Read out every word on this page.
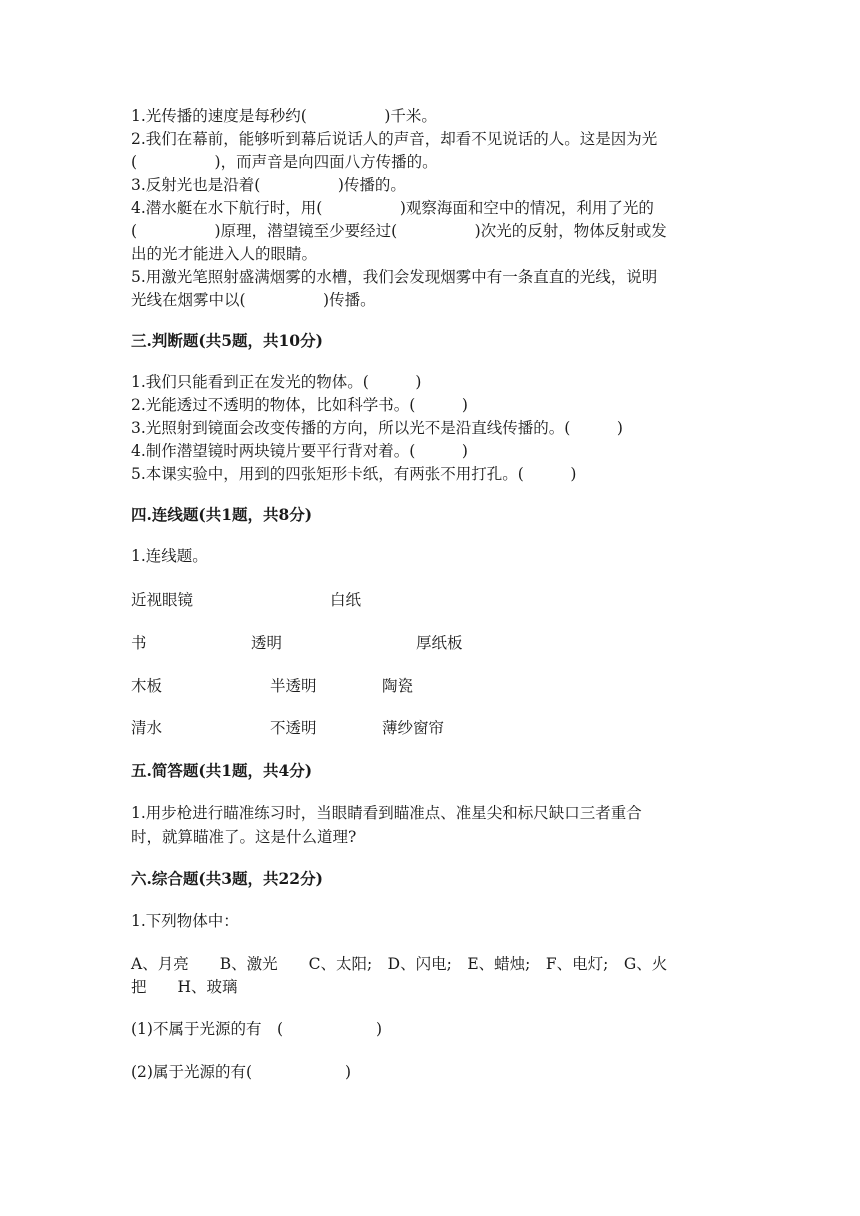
1.光传播的速度是每秒约(　　　　　)千米。
2.我们在幕前，能够听到幕后说话人的声音，却看不见说话的人。这是因为光
(　　　　　)，而声音是向四面八方传播的。
3.反射光也是沿着(　　　　　)传播的。
4.潜水艇在水下航行时，用(　　　　　)观察海面和空中的情况，利用了光的
(　　　　　)原理，潜望镜至少要经过(　　　　　)次光的反射，物体反射或发
出的光才能进入人的眼睛。
5.用激光笔照射盛满烟雾的水槽，我们会发现烟雾中有一条直直的光线，说明
光线在烟雾中以(　　　　　)传播。
三.判断题(共5题，共10分)
1.我们只能看到正在发光的物体。(　　　)
2.光能透过不透明的物体，比如科学书。(　　　)
3.光照射到镜面会改变传播的方向，所以光不是沿直线传播的。(　　　)
4.制作潜望镜时两块镜片要平行背对着。(　　　)
5.本课实验中，用到的四张矩形卡纸，有两张不用打孔。(　　　)
四.连线题(共1题，共8分)
1.连线题。
近视眼镜	白纸
书	透明	厚纸板
木板	半透明	陶瓷
清水	不透明	薄纱窗帘
五.简答题(共1题，共4分)
1.用步枪进行瞄准练习时，当眼睛看到瞄准点、准星尖和标尺缺口三者重合
时，就算瞄准了。这是什么道理?
六.综合题(共3题，共22分)
1.下列物体中：
A、月亮　　B、激光　　C、太阳;　D、闪电;　E、蜡烛;　F、电灯;　G、火
把　　H、玻璃
(1)不属于光源的有　(　　　　　　)
(2)属于光源的有(　　　　　　)
